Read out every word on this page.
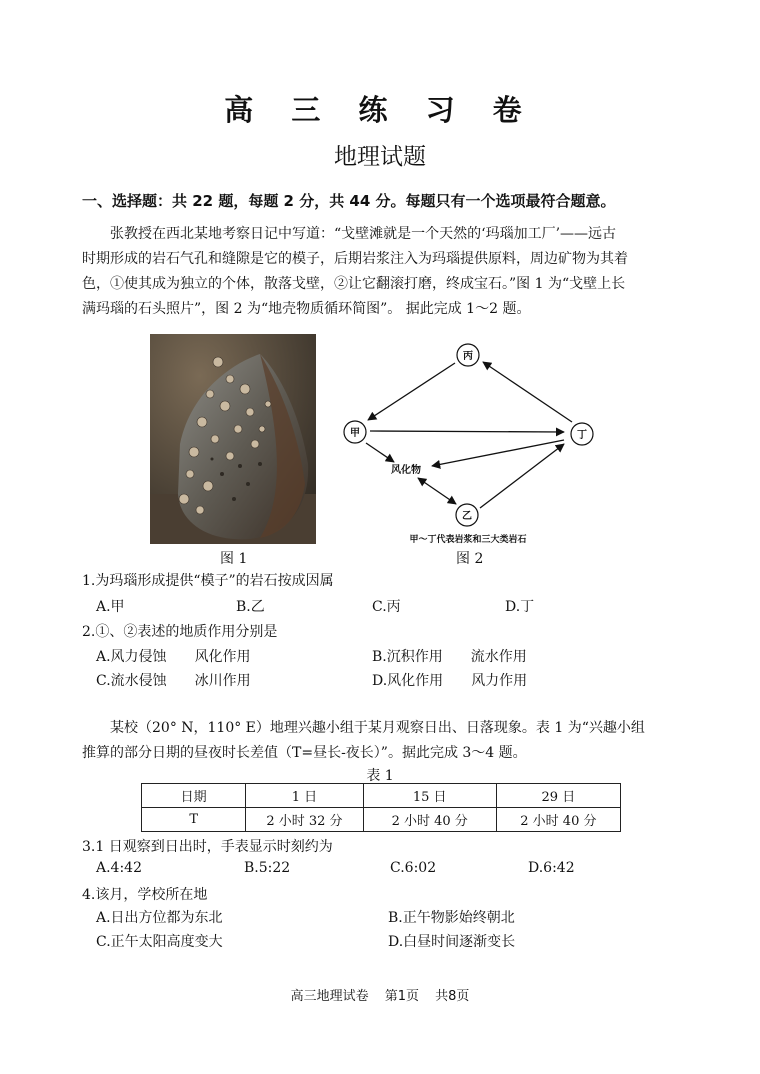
高 三 练 习 卷
地理试题
一、选择题：共 22 题，每题 2 分，共 44 分。每题只有一个选项最符合题意。
张教授在西北某地考察日记中写道：“戈壁滩就是一个天然的‘玛瑙加工厂’——远古
时期形成的岩石气孔和缝隙是它的模子，后期岩浆注入为玛瑙提供原料，周边矿物为其着
色，①使其成为独立的个体，散落戈壁，②让它翻滚打磨，终成宝石。”图 1 为“戈壁上长
满玛瑙的石头照片”，图 2 为“地壳物质循环简图”。 据此完成 1～2 题。
图 1
丙
甲	丁
乙
风化物
甲～丁代表岩浆和三大类岩石
图 2
1.为玛瑙形成提供“模子”的岩石按成因属
A.甲	B.乙	C.丙	D.丁
2.①、②表述的地质作用分别是
A.风力侵蚀 风化作用	B.沉积作用 流水作用
C.流水侵蚀 冰川作用	D.风化作用 风力作用
某校（20° N，110° E）地理兴趣小组于某月观察日出、日落现象。表 1 为“兴趣小组
推算的部分日期的昼夜时长差值（T=昼长-夜长）”。据此完成 3～4 题。
表 1
日期	1 日	15 日	29 日
T	2 小时 32 分	2 小时 40 分	2 小时 40 分
3.1 日观察到日出时，手表显示时刻约为
A.4:42	B.5:22	C.6:02	D.6:42
4.该月，学校所在地
A.日出方位都为东北	B.正午物影始终朝北
C.正午太阳高度变大	D.白昼时间逐渐变长
高三地理试卷 第1页 共8页
